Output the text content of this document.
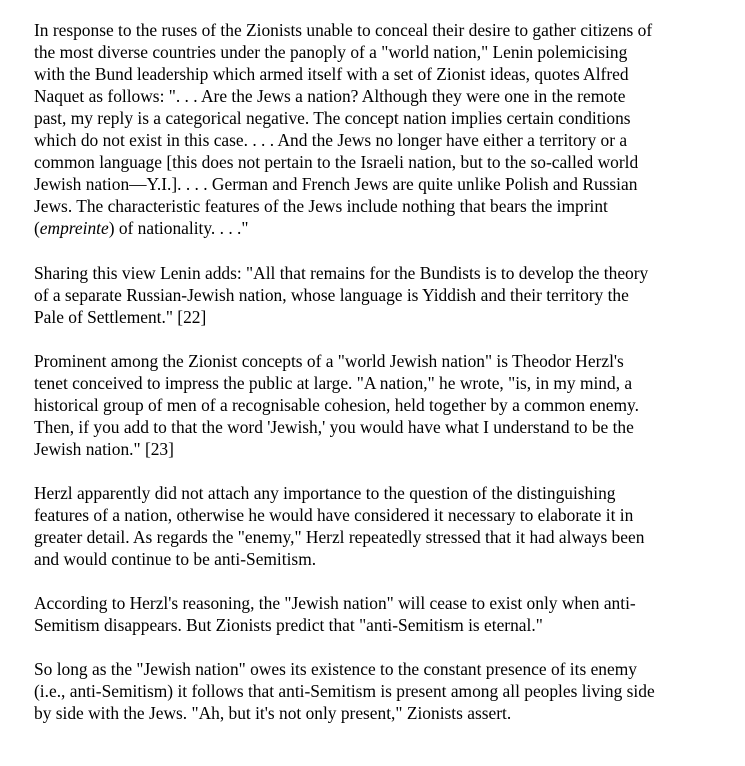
In response to the ruses of the Zionists unable to conceal their desire to gather citizens of
the most diverse countries under the panoply of a "world nation," Lenin polemicising
with the Bund leadership which armed itself with a set of Zionist ideas, quotes Alfred
Naquet as follows: ". . . Are the Jews a nation? Although they were one in the remote
past, my reply is a categorical negative. The concept nation implies certain conditions
which do not exist in this case. . . . And the Jews no longer have either a territory or a
common language [this does not pertain to the Israeli nation, but to the so-called world
Jewish nation—Y.I.]. . . . German and French Jews are quite unlike Polish and Russian
Jews. The characteristic features of the Jews include nothing that bears the imprint
(empreinte) of nationality. . . ."

Sharing this view Lenin adds: "All that remains for the Bundists is to develop the theory
of a separate Russian-Jewish nation, whose language is Yiddish and their territory the
Pale of Settlement." [22]

Prominent among the Zionist concepts of a "world Jewish nation" is Theodor Herzl's
tenet conceived to impress the public at large. "A nation," he wrote, "is, in my mind, a
historical group of men of a recognisable cohesion, held together by a common enemy.
Then, if you add to that the word 'Jewish,' you would have what I understand to be the
Jewish nation." [23]

Herzl apparently did not attach any importance to the question of the distinguishing
features of a nation, otherwise he would have considered it necessary to elaborate it in
greater detail. As regards the "enemy," Herzl repeatedly stressed that it had always been
and would continue to be anti-Semitism.

According to Herzl's reasoning, the "Jewish nation" will cease to exist only when anti-
Semitism disappears. But Zionists predict that "anti-Semitism is eternal."

So long as the "Jewish nation" owes its existence to the constant presence of its enemy
(i.e., anti-Semitism) it follows that anti-Semitism is present among all peoples living side
by side with the Jews. "Ah, but it's not only present," Zionists assert.
